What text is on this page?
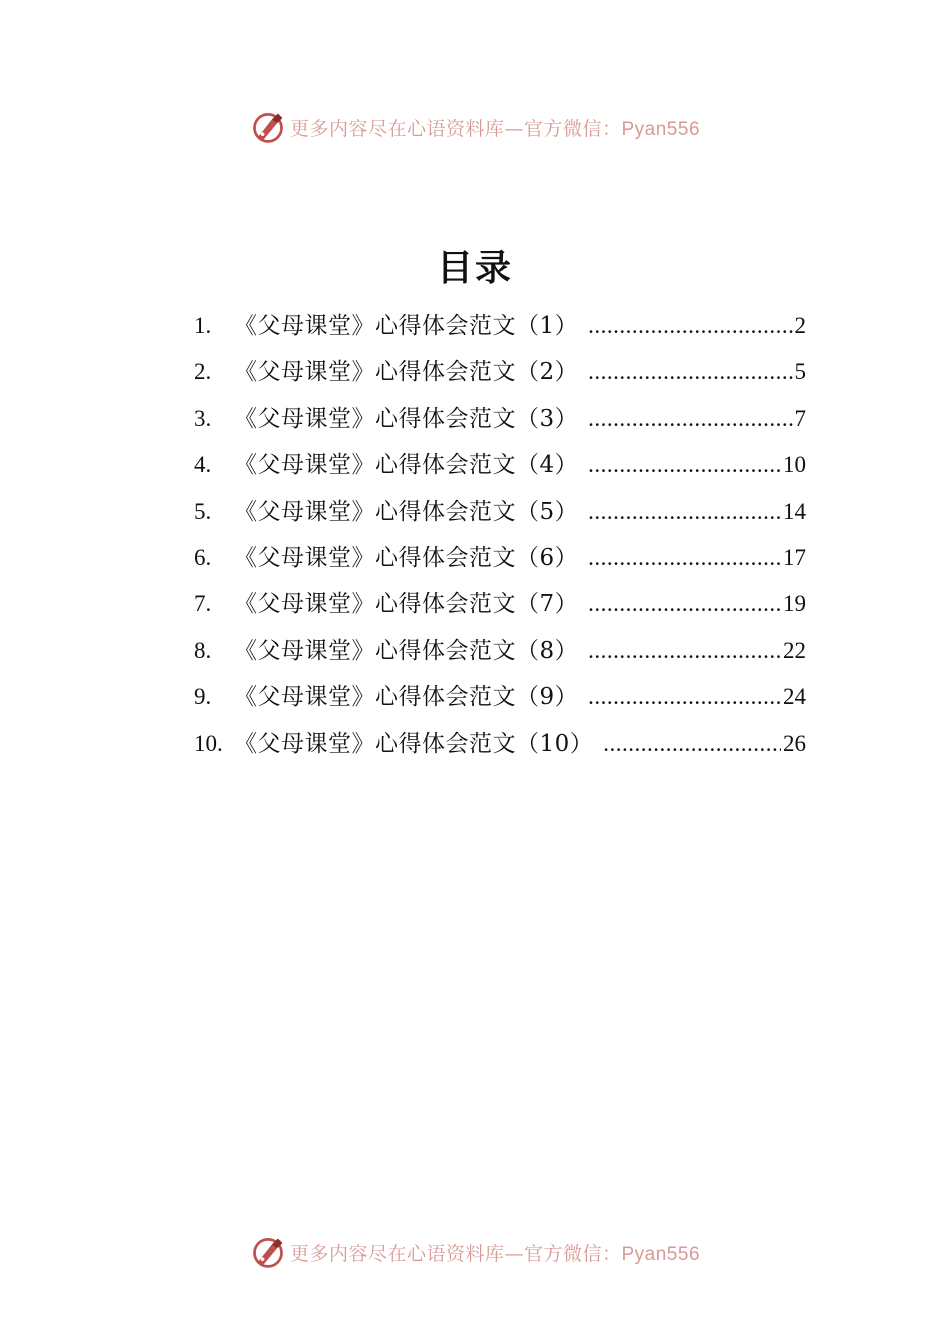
更多内容尽在心语资料库—官方微信：Pyan556
目录
1. 《父母课堂》心得体会范文（1） .....	2
2. 《父母课堂》心得体会范文（2） .....	5
3. 《父母课堂》心得体会范文（3） .....	7
4. 《父母课堂》心得体会范文（4） .....	10
5. 《父母课堂》心得体会范文（5） .....	14
6. 《父母课堂》心得体会范文（6） .....	17
7. 《父母课堂》心得体会范文（7） .....	19
8. 《父母课堂》心得体会范文（8） .....	22
9. 《父母课堂》心得体会范文（9） .....	24
10. 《父母课堂》心得体会范文（10） .....	26
更多内容尽在心语资料库—官方微信：Pyan556
